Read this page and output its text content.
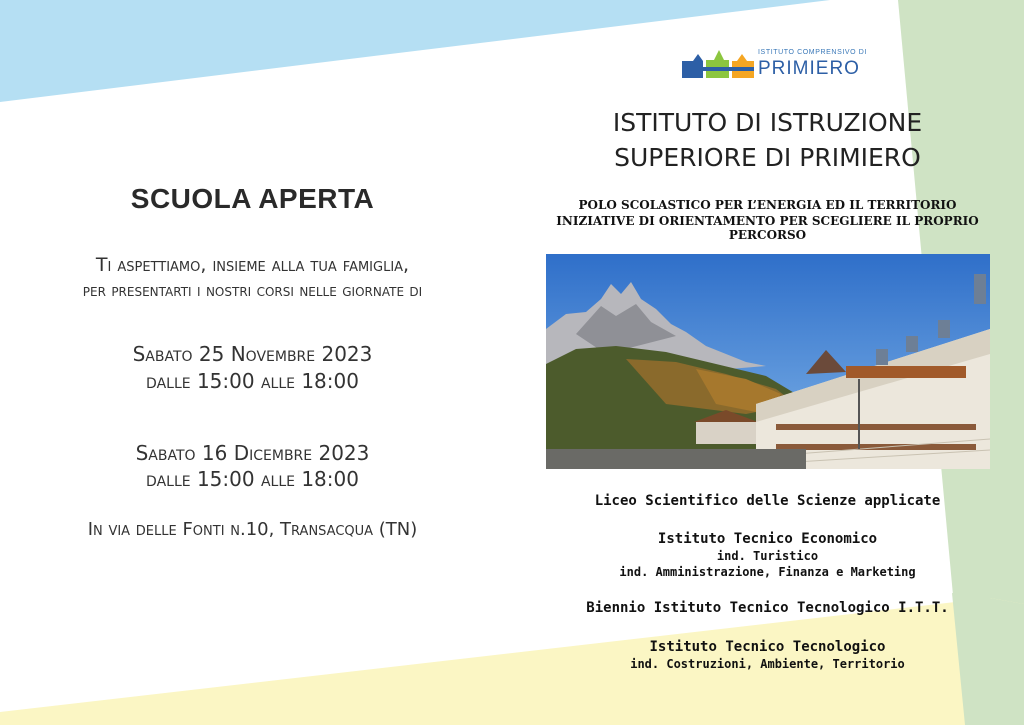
SCUOLA APERTA
Ti aspettiamo, insieme alla tua famiglia,
per presentarti i nostri corsi nelle giornate di
Sabato 25 Novembre 2023
dalle 15:00 alle 18:00
Sabato 16 Dicembre 2023
dalle 15:00 alle 18:00
In via delle Fonti n.10, Transacqua (TN)
ISTITUTO COMPRENSIVO DI
PRIMIERO
ISTITUTO DI ISTRUZIONE
SUPERIORE DI PRIMIERO
POLO SCOLASTICO PER L’ENERGIA ED IL TERRITORIO
INIZIATIVE DI ORIENTAMENTO PER SCEGLIERE IL PROPRIO PERCORSO
Liceo Scientifico delle Scienze applicate
Istituto Tecnico Economico
ind. Turistico
ind. Amministrazione, Finanza e Marketing
Biennio Istituto Tecnico Tecnologico I.T.T.
Istituto Tecnico Tecnologico
ind. Costruzioni, Ambiente, Territorio
